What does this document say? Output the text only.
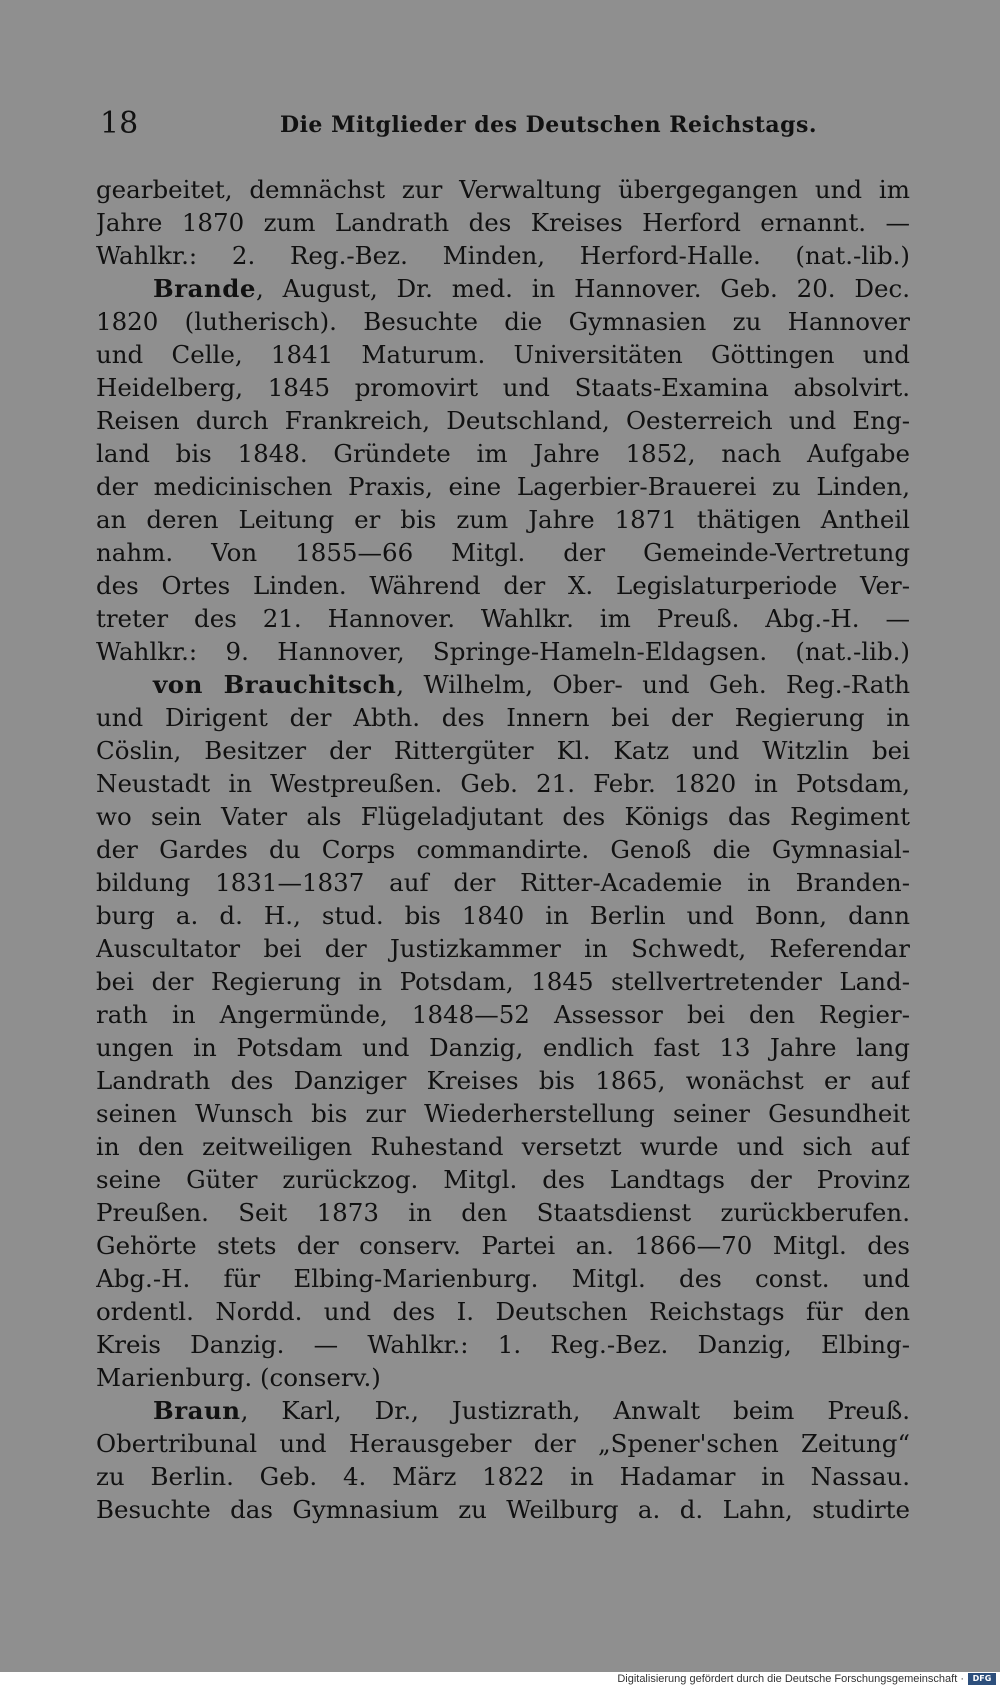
18	Die Mitglieder des Deutschen Reichstags.
gearbeitet, demnächst zur Verwaltung übergegangen und im
Jahre 1870 zum Landrath des Kreises Herford ernannt. —
Wahlkr.: 2. Reg.-Bez. Minden, Herford-Halle. (nat.-lib.)
Brande, August, Dr. med. in Hannover. Geb. 20. Dec.
1820 (lutherisch). Besuchte die Gymnasien zu Hannover
und Celle, 1841 Maturum. Universitäten Göttingen und
Heidelberg, 1845 promovirt und Staats-Examina absolvirt.
Reisen durch Frankreich, Deutschland, Oesterreich und Eng-
land bis 1848. Gründete im Jahre 1852, nach Aufgabe
der medicinischen Praxis, eine Lagerbier-Brauerei zu Linden,
an deren Leitung er bis zum Jahre 1871 thätigen Antheil
nahm. Von 1855—66 Mitgl. der Gemeinde-Vertretung
des Ortes Linden. Während der X. Legislaturperiode Ver-
treter des 21. Hannover. Wahlkr. im Preuß. Abg.-H. —
Wahlkr.: 9. Hannover, Springe-Hameln-Eldagsen. (nat.-lib.)
von Brauchitsch, Wilhelm, Ober- und Geh. Reg.-Rath
und Dirigent der Abth. des Innern bei der Regierung in
Cöslin, Besitzer der Rittergüter Kl. Katz und Witzlin bei
Neustadt in Westpreußen. Geb. 21. Febr. 1820 in Potsdam,
wo sein Vater als Flügeladjutant des Königs das Regiment
der Gardes du Corps commandirte. Genoß die Gymnasial-
bildung 1831—1837 auf der Ritter-Academie in Branden-
burg a. d. H., stud. bis 1840 in Berlin und Bonn, dann
Auscultator bei der Justizkammer in Schwedt, Referendar
bei der Regierung in Potsdam, 1845 stellvertretender Land-
rath in Angermünde, 1848—52 Assessor bei den Regier-
ungen in Potsdam und Danzig, endlich fast 13 Jahre lang
Landrath des Danziger Kreises bis 1865, wonächst er auf
seinen Wunsch bis zur Wiederherstellung seiner Gesundheit
in den zeitweiligen Ruhestand versetzt wurde und sich auf
seine Güter zurückzog. Mitgl. des Landtags der Provinz
Preußen. Seit 1873 in den Staatsdienst zurückberufen.
Gehörte stets der conserv. Partei an. 1866—70 Mitgl. des
Abg.-H. für Elbing-Marienburg. Mitgl. des const. und
ordentl. Nordd. und des I. Deutschen Reichstags für den
Kreis Danzig. — Wahlkr.: 1. Reg.-Bez. Danzig, Elbing-
Marienburg. (conserv.)
Braun, Karl, Dr., Justizrath, Anwalt beim Preuß.
Obertribunal und Herausgeber der „Spener'schen Zeitung“
zu Berlin. Geb. 4. März 1822 in Hadamar in Nassau.
Besuchte das Gymnasium zu Weilburg a. d. Lahn, studirte
Digitalisierung gefördert durch die Deutsche Forschungsgemeinschaft ·	DFG
